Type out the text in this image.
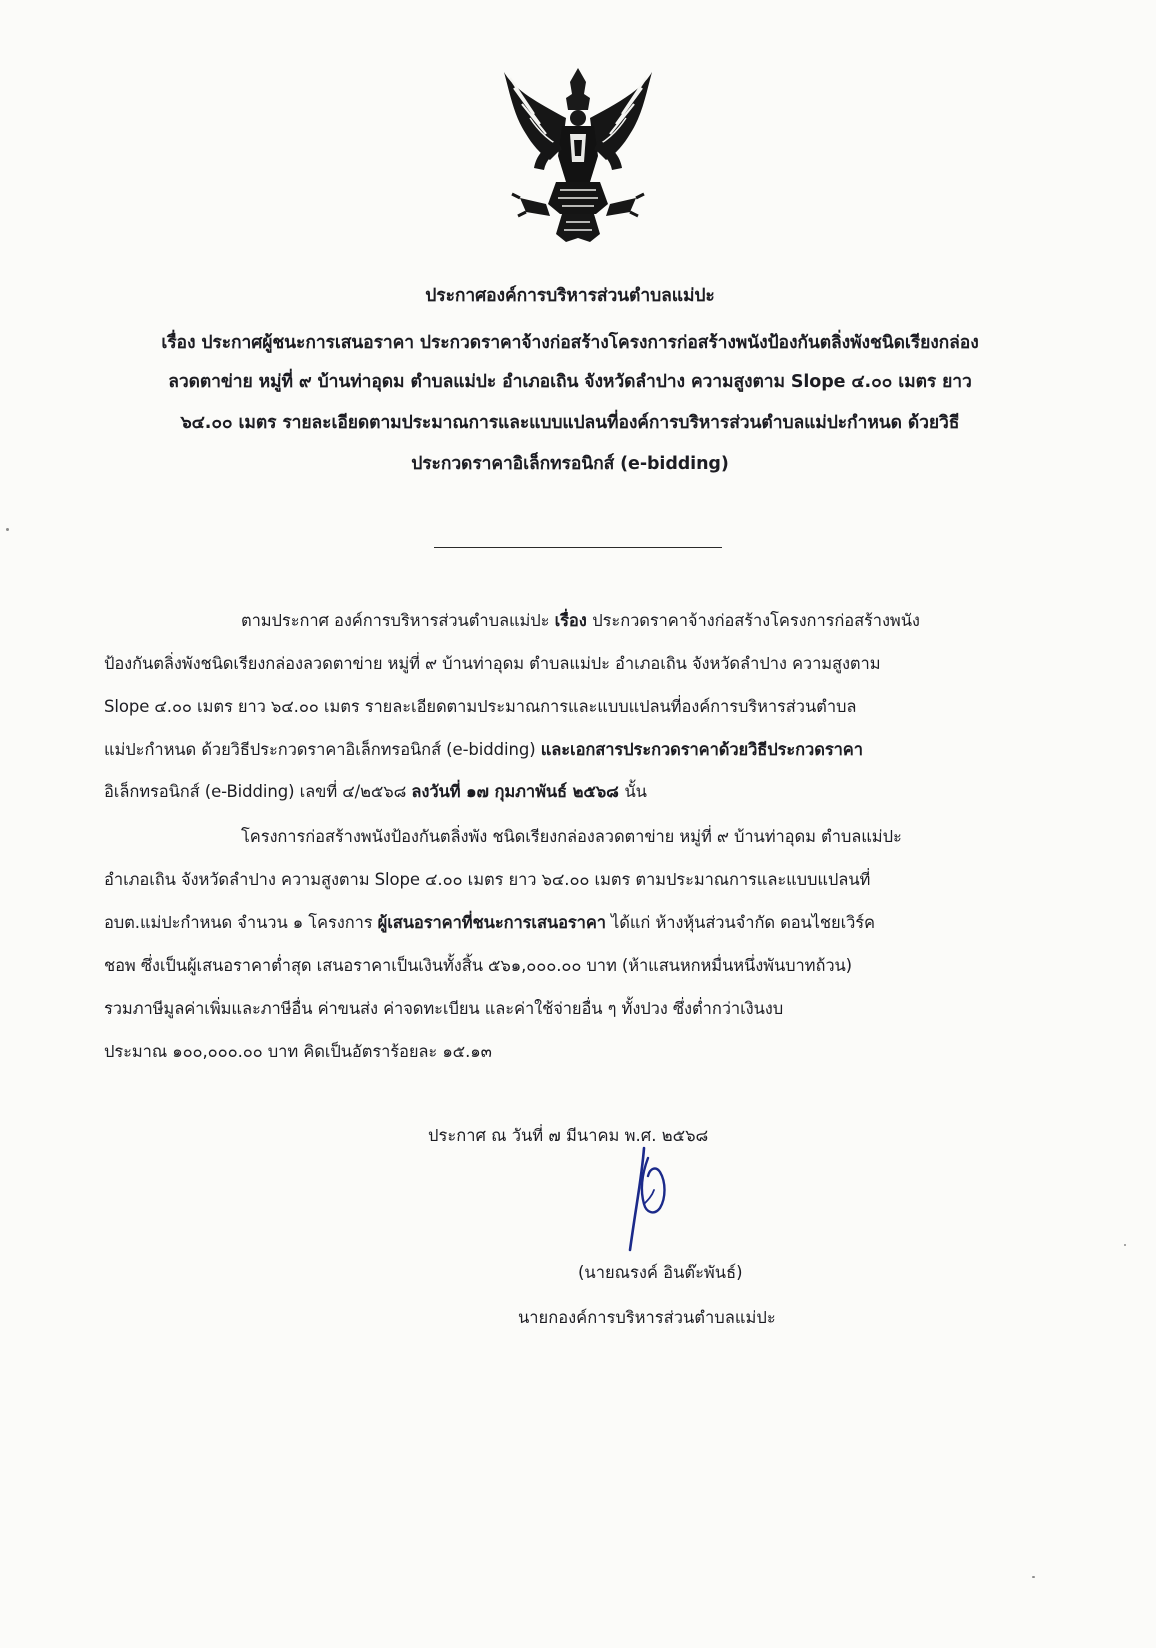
ประกาศองค์การบริหารส่วนตำบลแม่ปะ
เรื่อง ประกาศผู้ชนะการเสนอราคา ประกวดราคาจ้างก่อสร้างโครงการก่อสร้างพนังป้องกันตลิ่งพังชนิดเรียงกล่อง
ลวดตาข่าย หมู่ที่ ๙ บ้านท่าอุดม ตำบลแม่ปะ อำเภอเถิน จังหวัดลำปาง ความสูงตาม Slope ๔.๐๐ เมตร ยาว
๖๔.๐๐ เมตร รายละเอียดตามประมาณการและแบบแปลนที่องค์การบริหารส่วนตำบลแม่ปะกำหนด ด้วยวิธี
ประกวดราคาอิเล็กทรอนิกส์ (e-bidding)
ตามประกาศ องค์การบริหารส่วนตำบลแม่ปะ เรื่อง ประกวดราคาจ้างก่อสร้างโครงการก่อสร้างพนัง
ป้องกันตลิ่งพังชนิดเรียงกล่องลวดตาข่าย หมู่ที่ ๙ บ้านท่าอุดม ตำบลแม่ปะ อำเภอเถิน จังหวัดลำปาง ความสูงตาม
Slope ๔.๐๐ เมตร ยาว ๖๔.๐๐ เมตร รายละเอียดตามประมาณการและแบบแปลนที่องค์การบริหารส่วนตำบล
แม่ปะกำหนด ด้วยวิธีประกวดราคาอิเล็กทรอนิกส์ (e-bidding) และเอกสารประกวดราคาด้วยวิธีประกวดราคา
อิเล็กทรอนิกส์ (e-Bidding) เลขที่ ๔/๒๕๖๘ ลงวันที่ ๑๗ กุมภาพันธ์ ๒๕๖๘ นั้น
โครงการก่อสร้างพนังป้องกันตลิ่งพัง ชนิดเรียงกล่องลวดตาข่าย หมู่ที่ ๙ บ้านท่าอุดม ตำบลแม่ปะ
อำเภอเถิน จังหวัดลำปาง ความสูงตาม Slope ๔.๐๐ เมตร ยาว ๖๔.๐๐ เมตร ตามประมาณการและแบบแปลนที่
อบต.แม่ปะกำหนด จำนวน ๑ โครงการ ผู้เสนอราคาที่ชนะการเสนอราคา ได้แก่ ห้างหุ้นส่วนจำกัด ดอนไชยเวิร์ค
ชอพ ซึ่งเป็นผู้เสนอราคาต่ำสุด เสนอราคาเป็นเงินทั้งสิ้น ๕๖๑,๐๐๐.๐๐ บาท (ห้าแสนหกหมื่นหนึ่งพันบาทถ้วน)
รวมภาษีมูลค่าเพิ่มและภาษีอื่น ค่าขนส่ง ค่าจดทะเบียน และค่าใช้จ่ายอื่น ๆ ทั้งปวง ซึ่งต่ำกว่าเงินงบ
ประมาณ ๑๐๐,๐๐๐.๐๐ บาท คิดเป็นอัตราร้อยละ ๑๕.๑๓
ประกาศ ณ วันที่ ๗ มีนาคม พ.ศ. ๒๕๖๘
(นายณรงค์ อินต๊ะพันธ์)
นายกองค์การบริหารส่วนตำบลแม่ปะ
